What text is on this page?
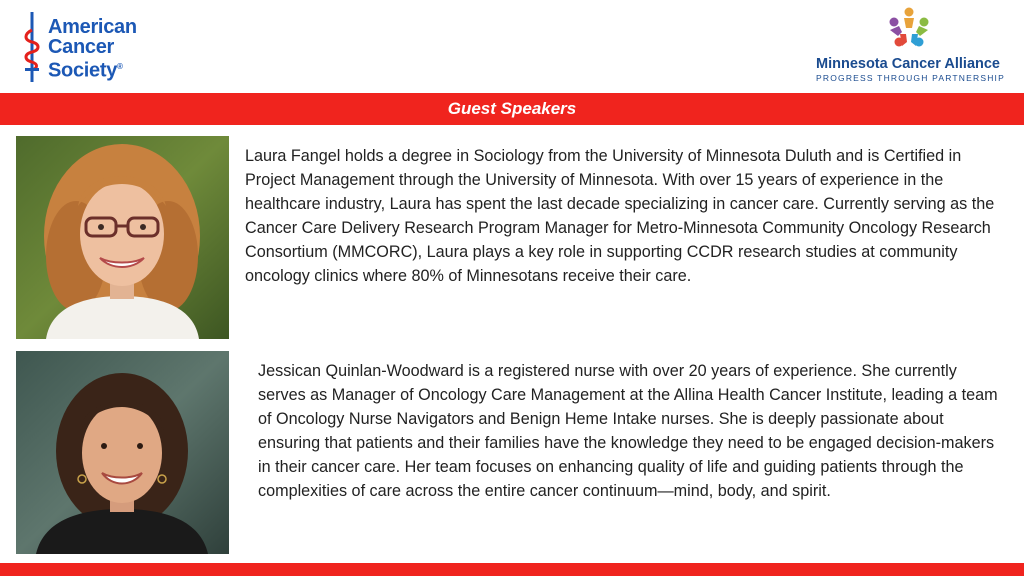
American
Cancer
Society®	Minnesota Cancer Alliance
PROGRESS THROUGH PARTNERSHIP
Guest Speakers

Laura Fangel holds a degree in Sociology from the University of Minnesota Duluth and is Certified in Project Management through the University of Minnesota. With over 15 years of experience in the healthcare industry, Laura has spent the last decade specializing in cancer care. Currently serving as the Cancer Care Delivery Research Program Manager for Metro-Minnesota Community Oncology Research Consortium (MMCORC), Laura plays a key role in supporting CCDR research studies at community oncology clinics where 80% of Minnesotans receive their care.

Jessican Quinlan-Woodward is a registered nurse with over 20 years of experience. She currently serves as Manager of Oncology Care Management at the Allina Health Cancer Institute, leading a team of Oncology Nurse Navigators and Benign Heme Intake nurses. She is deeply passionate about ensuring that patients and their families have the knowledge they need to be engaged decision-makers in their cancer care. Her team focuses on enhancing quality of life and guiding patients through the complexities of care across the entire cancer continuum—mind, body, and spirit.
